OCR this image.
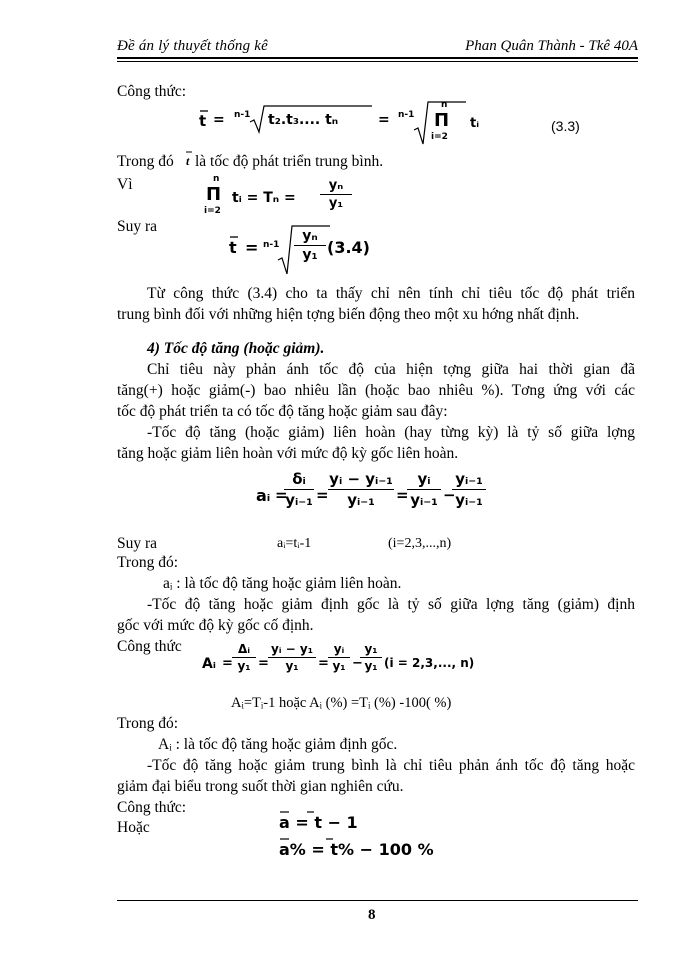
Đề án lý thuyết thống kê	Phan Quân Thành - Tkê 40A
Công thức:
t = n-1 t₂.t₃.... tₙ	= n-1
n
Π
i=2
tᵢ	(3.3)
Trong đó t là tốc độ phát triển trung bình.
Vì	n
Π
i=2
tᵢ = Tₙ =
yₙ
y₁
Suy ra
t = n-1
yₙ
y₁ (3.4)
Từ công thức (3.4) cho ta thấy chỉ nên tính chỉ tiêu tốc độ phát triển
trung bình đối với những hiện tợng biến động theo một xu hớng nhất định.
4) Tốc độ tăng (hoặc giảm).
Chỉ tiêu này phản ánh tốc độ của hiện tợng giữa hai thời gian đã
tăng(+) hoặc giảm(-) bao nhiêu lần (hoặc bao nhiêu %). Tơng ứng với các
tốc độ phát triển ta có tốc độ tăng hoặc giảm sau đây:
-Tốc độ tăng (hoặc giảm) liên hoàn (hay từng kỳ) là tỷ số giữa lợng
tăng hoặc giảm liên hoàn với mức độ kỳ gốc liên hoàn.
aᵢ =
δᵢ
yᵢ₋₁ =
yᵢ − yᵢ₋₁
yᵢ₋₁	=
yᵢ
yᵢ₋₁ −
yᵢ₋₁
yᵢ₋₁
Suy ra	aᵢ=tᵢ-1	(i=2,3,...,n)
Trong đó:
aᵢ : là tốc độ tăng hoặc giảm liên hoàn.
-Tốc độ tăng hoặc giảm định gốc là tỷ số giữa lợng tăng (giảm) định
gốc với mức độ kỳ gốc cố định.
Công thức
Aᵢ =
Δᵢ
y₁ =
yᵢ − y₁
y₁	=
yᵢ
y₁ −
y₁
y₁ (i = 2,3,..., n)
Aᵢ=Tᵢ-1 hoặc Aᵢ (%) =Tᵢ (%) -100( %)
Trong đó:
Aᵢ : là tốc độ tăng hoặc giảm định gốc.
-Tốc độ tăng hoặc giảm trung bình là chỉ tiêu phản ánh tốc độ tăng hoặc
giảm đại biểu trong suốt thời gian nghiên cứu.
Công thức:
Hoặc	a = t − 1
a% = t% − 100 %
8
